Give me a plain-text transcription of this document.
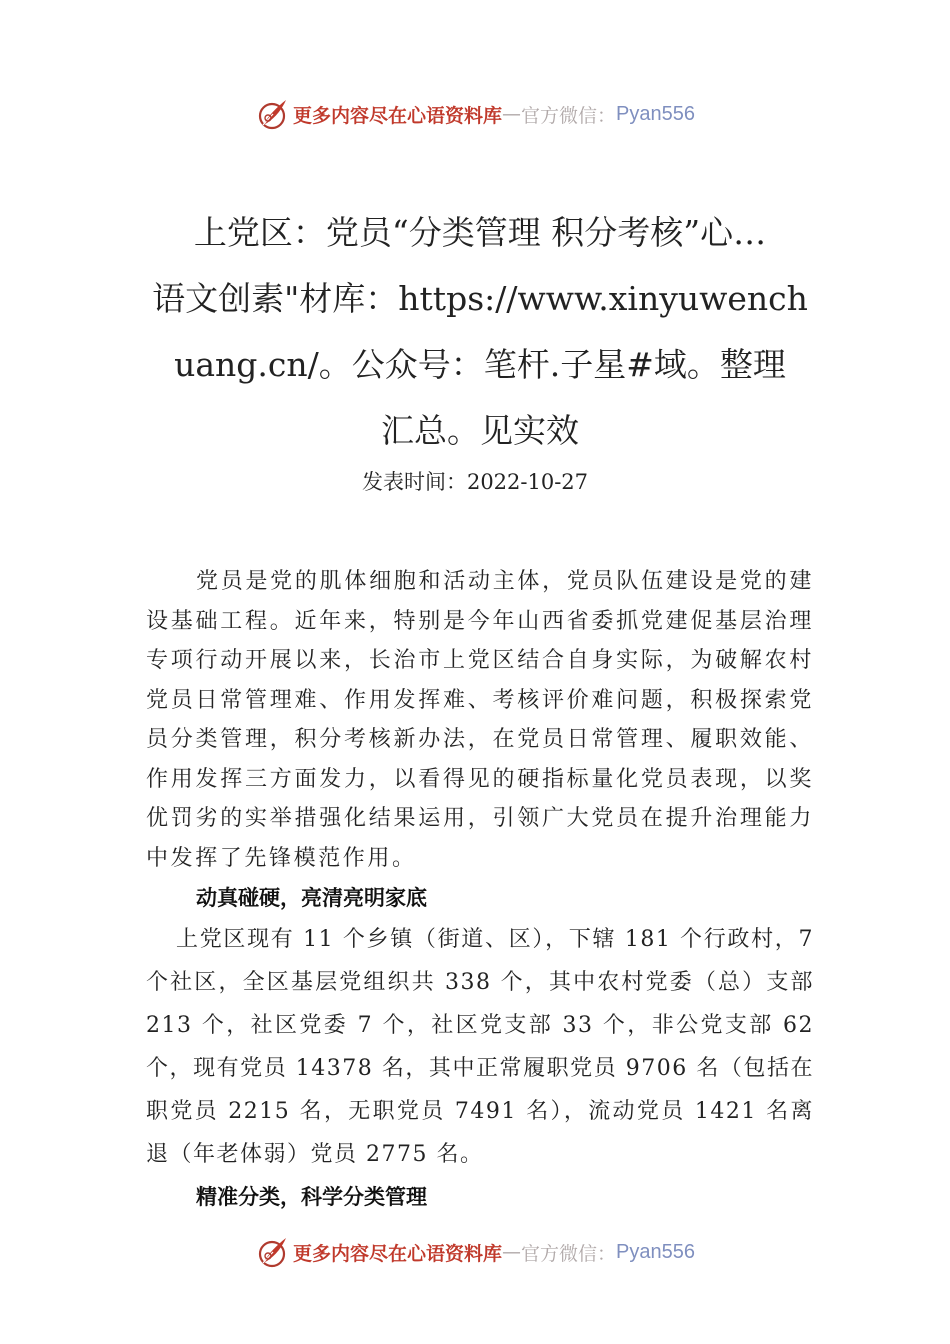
更多内容尽在心语资料库 — 官方微信： Pyan556
上党区：党员“分类管理 积分考核”心…
语文创素"材库：https://www.xinyuwench
uang.cn/。公众号：笔杆.子星#域。整理
汇总。见实效
发表时间：2022-10-27

党员是党的肌体细胞和活动主体，党员队伍建设是党的建设基础工程。近年来，特别是今年山西省委抓党建促基层治理专项行动开展以来，长治市上党区结合自身实际，为破解农村党员日常管理难、作用发挥难、考核评价难问题，积极探索党员分类管理，积分考核新办法，在党员日常管理、履职效能、作用发挥三方面发力，以看得见的硬指标量化党员表现，以奖优罚劣的实举措强化结果运用，引领广大党员在提升治理能力中发挥了先锋模范作用。

动真碰硬，亮清亮明家底

上党区现有 11 个乡镇（街道、区），下辖 181 个行政村，7 个社区，全区基层党组织共 338 个，其中农村党委（总）支部 213 个，社区党委 7 个，社区党支部 33 个，非公党支部 62 个，现有党员 14378 名，其中正常履职党员 9706 名（包括在职党员 2215 名，无职党员 7491 名），流动党员 1421 名离退（年老体弱）党员 2775 名。

精准分类，科学分类管理

更多内容尽在心语资料库 — 官方微信： Pyan556
